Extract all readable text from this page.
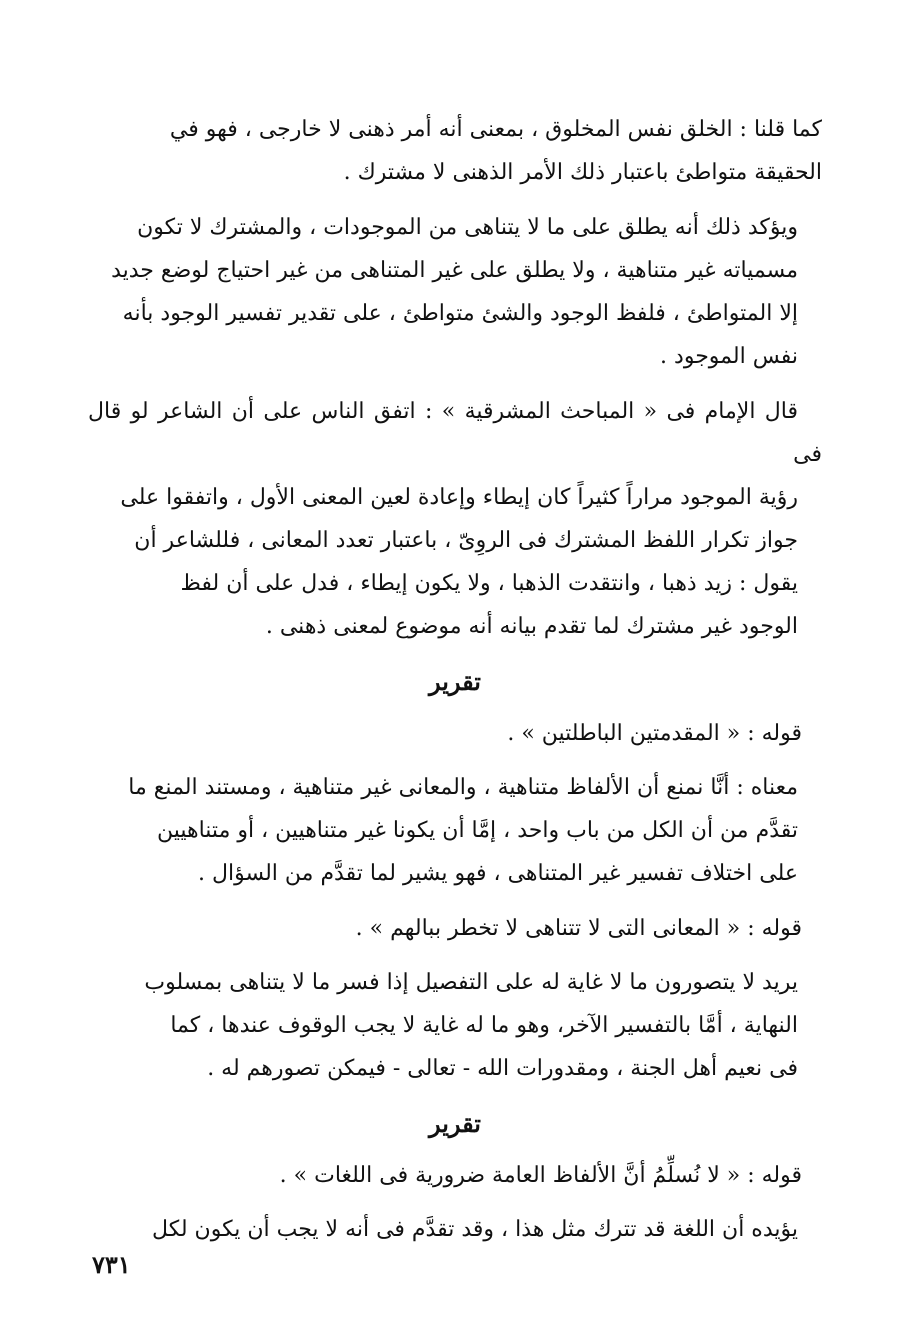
كما قلنا : الخلق نفس المخلوق ، بمعنى أنه أمر ذهنى لا خارجى ، فهو في
الحقيقة متواطئ باعتبار ذلك الأمر الذهنى لا مشترك .

ويؤكد ذلك أنه يطلق على ما لا يتناهى من الموجودات ، والمشترك لا تكون
مسمياته غير متناهية ، ولا يطلق على غير المتناهى من غير احتياج لوضع جديد
إلا المتواطئ ، فلفظ الوجود والشئ متواطئ ، على تقدير تفسير الوجود بأنه
نفس الموجود .

قال الإمام فى « المباحث المشرقية » : اتفق الناس على أن الشاعر لو قال فى
رؤية الموجود مراراً كثيراً كان إيطاء وإعادة لعين المعنى الأول ، واتفقوا على
جواز تكرار اللفظ المشترك فى الروِىّ ، باعتبار تعدد المعانى ، فللشاعر أن
يقول : زيد ذهبا ، وانتقدت الذهبا ، ولا يكون إيطاء ، فدل على أن لفظ
الوجود غير مشترك لما تقدم بيانه أنه موضوع لمعنى ذهنى .

تقرير

قوله : « المقدمتين الباطلتين » .

معناه : أنَّا نمنع أن الألفاظ متناهية ، والمعانى غير متناهية ، ومستند المنع ما
تقدَّم من أن الكل من باب واحد ، إمَّا أن يكونا غير متناهيين ، أو متناهيين
على اختلاف تفسير غير المتناهى ، فهو يشير لما تقدَّم من السؤال .

قوله : « المعانى التى لا تتناهى لا تخطر ببالهم » .

يريد لا يتصورون ما لا غاية له على التفصيل إذا فسر ما لا يتناهى بمسلوب
النهاية ، أمَّا بالتفسير الآخر، وهو ما له غاية لا يجب الوقوف عندها ، كما
فى نعيم أهل الجنة ، ومقدورات الله - تعالى - فيمكن تصورهم له .

تقرير

قوله : « لا نُسلِّمُ أنَّ الألفاظ العامة ضرورية فى اللغات » .

يؤيده أن اللغة قد تترك مثل هذا ، وقد تقدَّم فى أنه لا يجب أن يكون لكل

٧٣١
